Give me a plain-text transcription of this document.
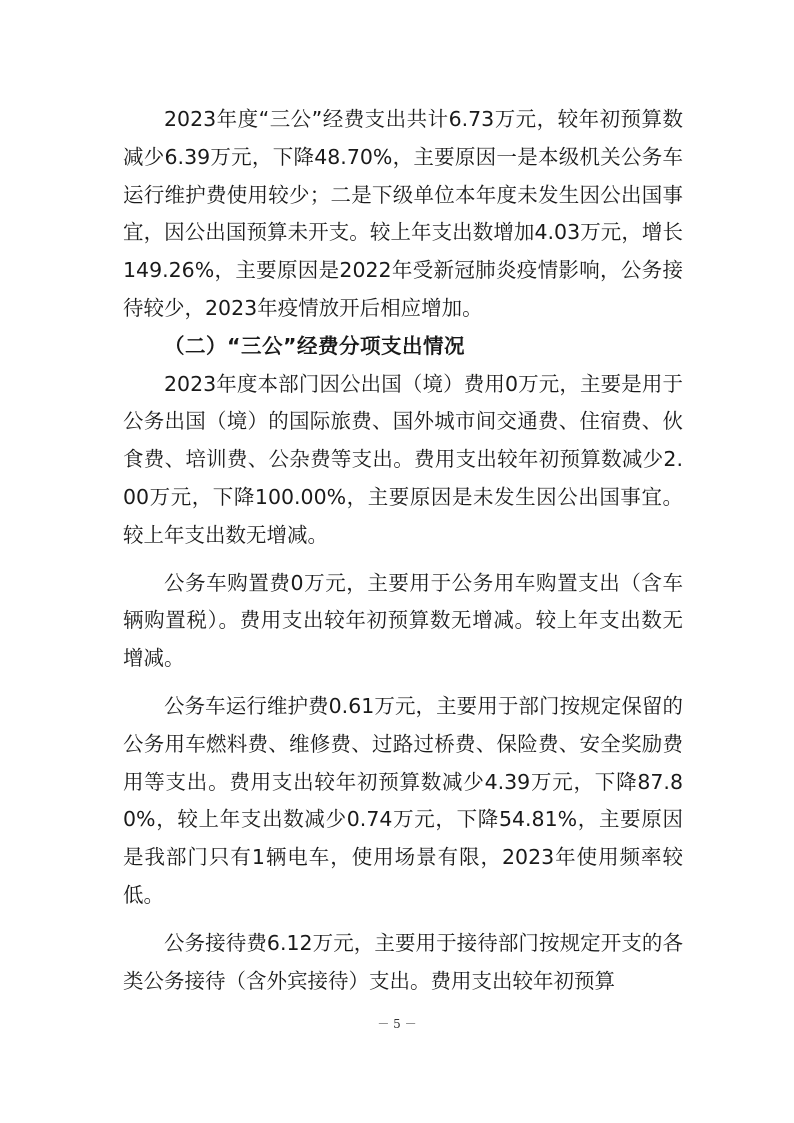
2023年度“三公”经费支出共计6.73万元，较年初预算数减少6.39万元，下降48.70%，主要原因一是本级机关公务车运行维护费使用较少；二是下级单位本年度未发生因公出国事宜，因公出国预算未开支。较上年支出数增加4.03万元，增长149.26%，主要原因是2022年受新冠肺炎疫情影响，公务接待较少，2023年疫情放开后相应增加。

（二）“三公”经费分项支出情况

2023年度本部门因公出国（境）费用0万元，主要是用于公务出国（境）的国际旅费、国外城市间交通费、住宿费、伙食费、培训费、公杂费等支出。费用支出较年初预算数减少2.00万元，下降100.00%，主要原因是未发生因公出国事宜。较上年支出数无增减。

公务车购置费0万元，主要用于公务用车购置支出（含车辆购置税）。费用支出较年初预算数无增减。较上年支出数无增减。

公务车运行维护费0.61万元，主要用于部门按规定保留的公务用车燃料费、维修费、过路过桥费、保险费、安全奖励费用等支出。费用支出较年初预算数减少4.39万元，下降87.80%，较上年支出数减少0.74万元，下降54.81%，主要原因是我部门只有1辆电车，使用场景有限，2023年使用频率较低。

公务接待费6.12万元，主要用于接待部门按规定开支的各类公务接待（含外宾接待）支出。费用支出较年初预算

－ 5 －
